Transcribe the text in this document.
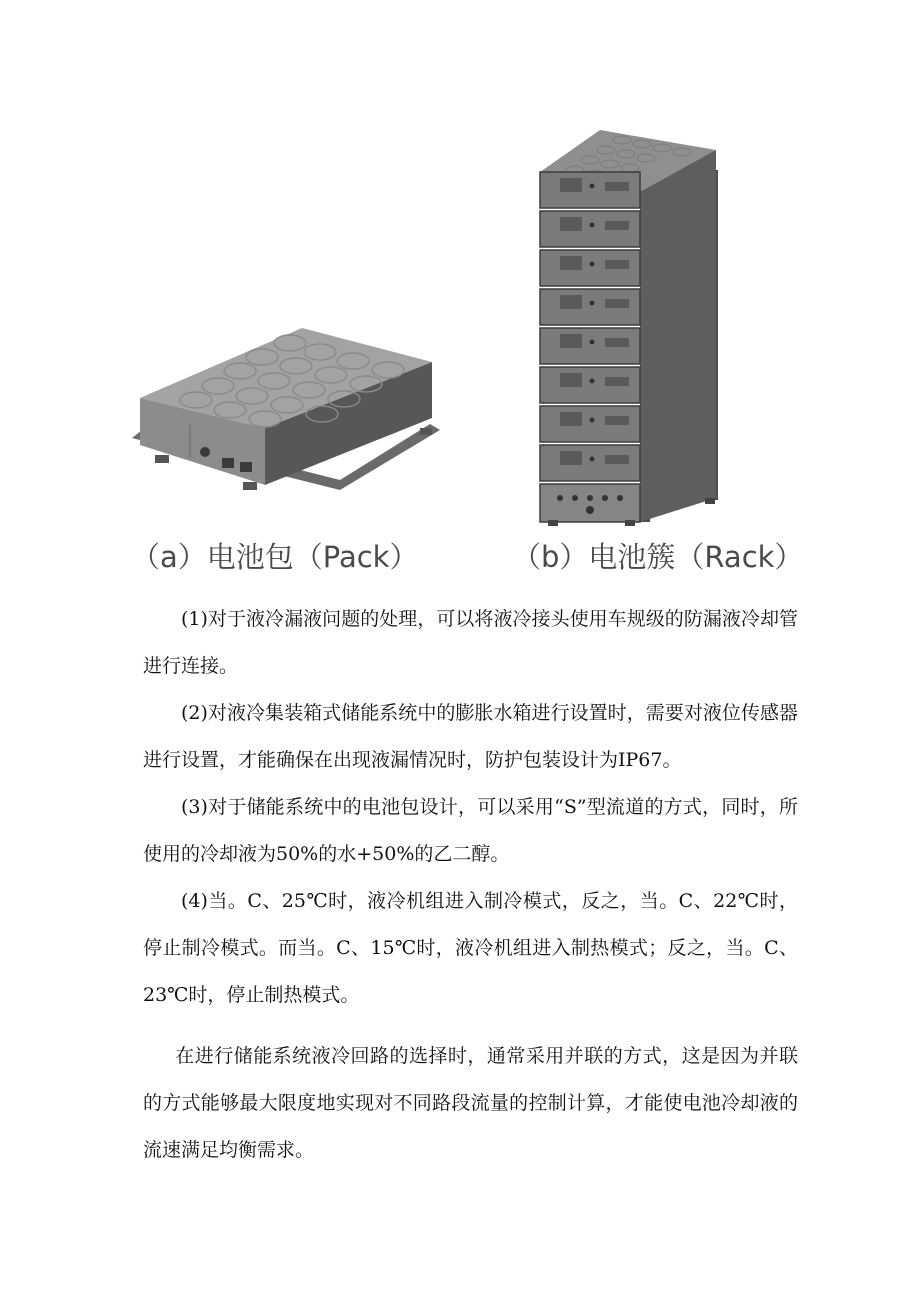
（a）电池包（Pack）	（b）电池簇（Rack）

(1)对于液冷漏液问题的处理，可以将液冷接头使用车规级的防漏液冷却管进行连接。

(2)对液冷集装箱式储能系统中的膨胀水箱进行设置时，需要对液位传感器进行设置，才能确保在出现液漏情况时，防护包装设计为IP67。

(3)对于储能系统中的电池包设计，可以采用“S”型流道的方式，同时，所使用的冷却液为50%的水+50%的乙二醇。

(4)当。C、25℃时，液冷机组进入制冷模式，反之，当。C、22℃时，停止制冷模式。而当。C、15℃时，液冷机组进入制热模式；反之，当。C、23℃时，停止制热模式。

在进行储能系统液冷回路的选择时，通常采用并联的方式，这是因为并联的方式能够最大限度地实现对不同路段流量的控制计算，才能使电池冷却液的流速满足均衡需求。
